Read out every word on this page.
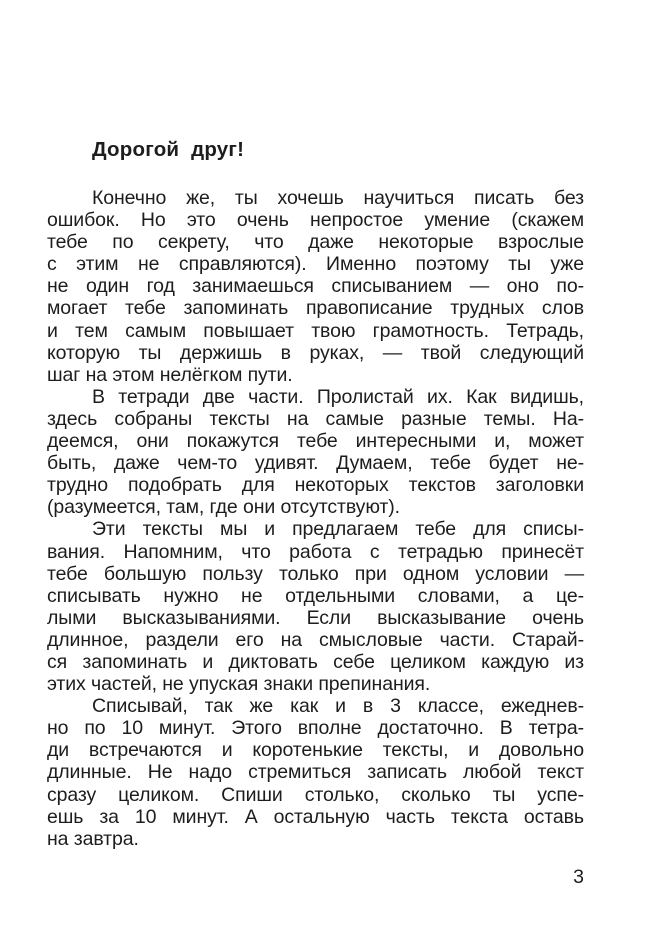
Дорогой друг!
Конечно же, ты хочешь научиться писать без
ошибок. Но это очень непростое умение (скажем
тебе по секрету, что даже некоторые взрослые
с этим не справляются). Именно поэтому ты уже
не один год занимаешься списыванием — оно по-
могает тебе запоминать правописание трудных слов
и тем самым повышает твою грамотность. Тетрадь,
которую ты держишь в руках, — твой следующий
шаг на этом нелёгком пути.
В тетради две части. Пролистай их. Как видишь,
здесь собраны тексты на самые разные темы. На-
деемся, они покажутся тебе интересными и, может
быть, даже чем-то удивят. Думаем, тебе будет не-
трудно подобрать для некоторых текстов заголовки
(разумеется, там, где они отсутствуют).
Эти тексты мы и предлагаем тебе для списы-
вания. Напомним, что работа с тетрадью принесёт
тебе большую пользу только при одном условии —
списывать нужно не отдельными словами, а це-
лыми высказываниями. Если высказывание очень
длинное, раздели его на смысловые части. Старай-
ся запоминать и диктовать себе целиком каждую из
этих частей, не упуская знаки препинания.
Списывай, так же как и в 3 классе, ежеднев-
но по 10 минут. Этого вполне достаточно. В тетра-
ди встречаются и коротенькие тексты, и довольно
длинные. Не надо стремиться записать любой текст
сразу целиком. Спиши столько, сколько ты успе-
ешь за 10 минут. А остальную часть текста оставь
на завтра.
3
